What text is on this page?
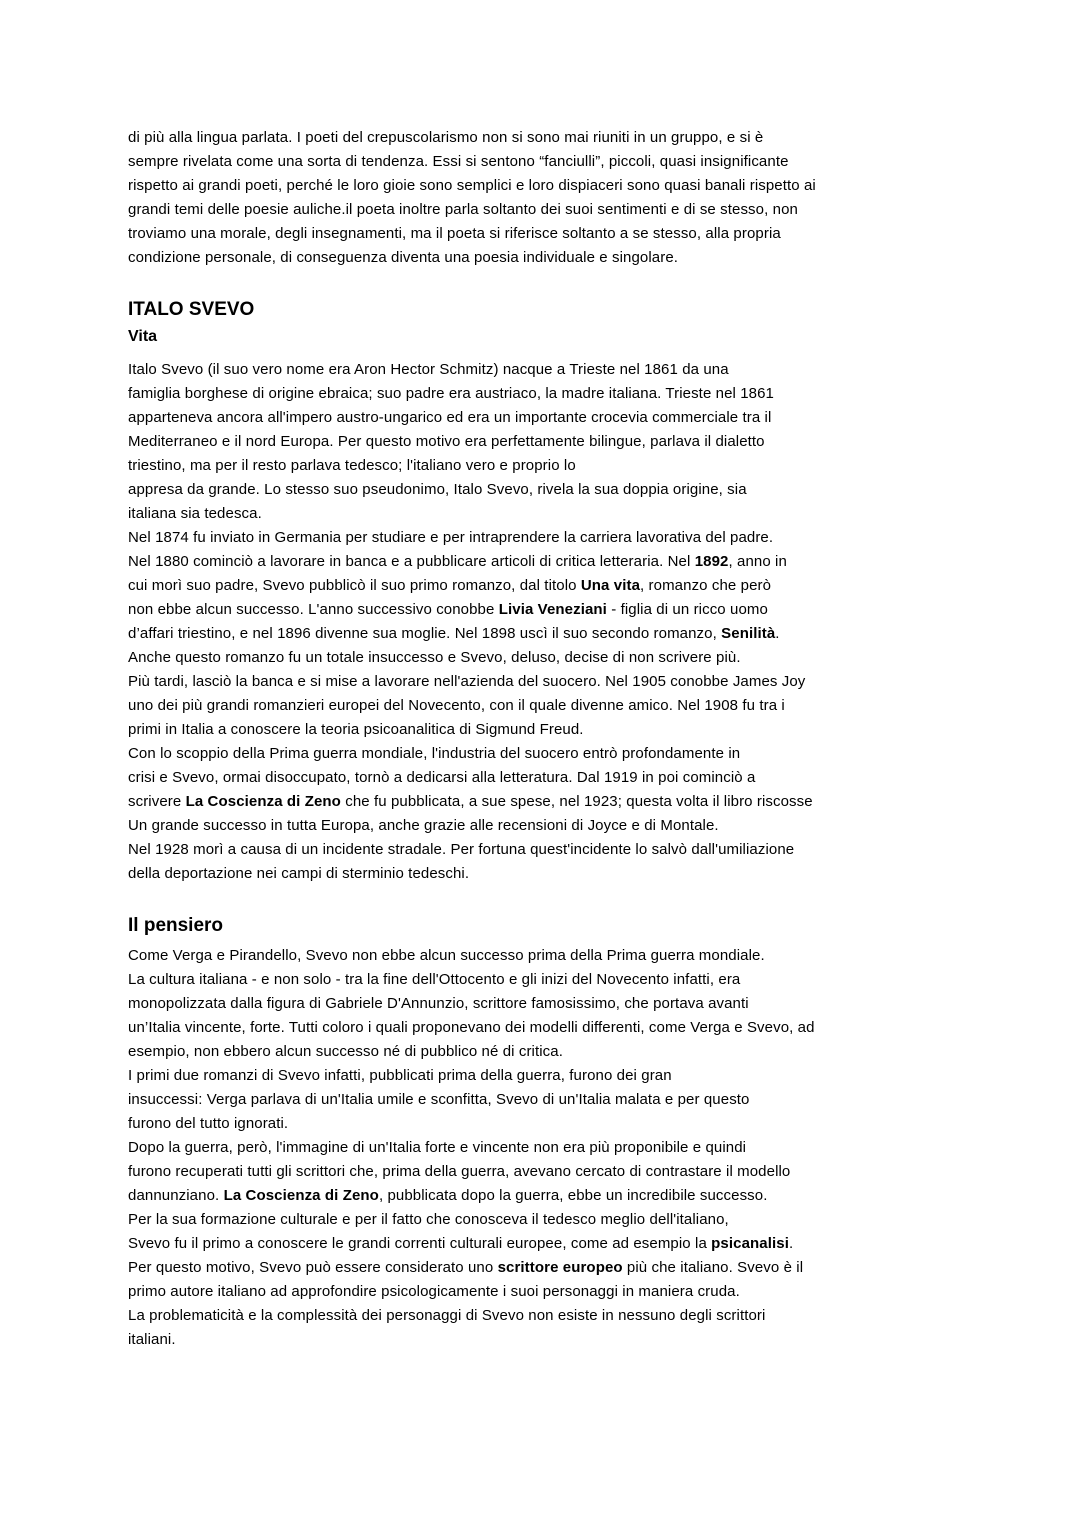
di più alla lingua parlata. I poeti del crepuscolarismo non si sono mai riuniti in un gruppo, e si è
sempre rivelata come una sorta di tendenza. Essi si sentono “fanciulli”, piccoli, quasi insignificante
rispetto ai grandi poeti, perché le loro gioie sono semplici e loro dispiaceri sono quasi banali rispetto ai
grandi temi delle poesie auliche.il poeta inoltre parla soltanto dei suoi sentimenti e di se stesso, non
troviamo una morale, degli insegnamenti, ma il poeta si riferisce soltanto a se stesso, alla propria
condizione personale, di conseguenza diventa una poesia individuale e singolare.
ITALO SVEVO
Vita
Italo Svevo (il suo vero nome era Aron Hector Schmitz) nacque a Trieste nel 1861 da una
famiglia borghese di origine ebraica; suo padre era austriaco, la madre italiana. Trieste nel 1861
apparteneva ancora all'impero austro-ungarico ed era un importante crocevia commerciale tra il
Mediterraneo e il nord Europa. Per questo motivo era perfettamente bilingue, parlava il dialetto
triestino, ma per il resto parlava tedesco; l'italiano vero e proprio lo
appresa da grande. Lo stesso suo pseudonimo, Italo Svevo, rivela la sua doppia origine, sia
italiana sia tedesca.
Nel 1874 fu inviato in Germania per studiare e per intraprendere la carriera lavorativa del padre.
Nel 1880 cominciò a lavorare in banca e a pubblicare articoli di critica letteraria. Nel 1892, anno in
cui morì suo padre, Svevo pubblicò il suo primo romanzo, dal titolo Una vita, romanzo che però
non ebbe alcun successo. L'anno successivo conobbe Livia Veneziani - figlia di un ricco uomo
d’affari triestino, e nel 1896 divenne sua moglie. Nel 1898 uscì il suo secondo romanzo, Senilità.
Anche questo romanzo fu un totale insuccesso e Svevo, deluso, decise di non scrivere più.
Più tardi, lasciò la banca e si mise a lavorare nell'azienda del suocero. Nel 1905 conobbe James Joy
uno dei più grandi romanzieri europei del Novecento, con il quale divenne amico. Nel 1908 fu tra i
primi in Italia a conoscere la teoria psicoanalitica di Sigmund Freud.
Con lo scoppio della Prima guerra mondiale, l'industria del suocero entrò profondamente in
crisi e Svevo, ormai disoccupato, tornò a dedicarsi alla letteratura. Dal 1919 in poi cominciò a
scrivere La Coscienza di Zeno che fu pubblicata, a sue spese, nel 1923; questa volta il libro riscosse
Un grande successo in tutta Europa, anche grazie alle recensioni di Joyce e di Montale.
Nel 1928 morì a causa di un incidente stradale. Per fortuna quest'incidente lo salvò dall'umiliazione
della deportazione nei campi di sterminio tedeschi.
Il pensiero
Come Verga e Pirandello, Svevo non ebbe alcun successo prima della Prima guerra mondiale.
La cultura italiana - e non solo - tra la fine dell'Ottocento e gli inizi del Novecento infatti, era
monopolizzata dalla figura di Gabriele D'Annunzio, scrittore famosissimo, che portava avanti
un’Italia vincente, forte. Tutti coloro i quali proponevano dei modelli differenti, come Verga e Svevo, ad
esempio, non ebbero alcun successo né di pubblico né di critica.
I primi due romanzi di Svevo infatti, pubblicati prima della guerra, furono dei gran
insuccessi: Verga parlava di un'Italia umile e sconfitta, Svevo di un'Italia malata e per questo
furono del tutto ignorati.
Dopo la guerra, però, l'immagine di un'Italia forte e vincente non era più proponibile e quindi
furono recuperati tutti gli scrittori che, prima della guerra, avevano cercato di contrastare il modello
dannunziano. La Coscienza di Zeno, pubblicata dopo la guerra, ebbe un incredibile successo.
Per la sua formazione culturale e per il fatto che conosceva il tedesco meglio dell'italiano,
Svevo fu il primo a conoscere le grandi correnti culturali europee, come ad esempio la psicanalisi.
Per questo motivo, Svevo può essere considerato uno scrittore europeo più che italiano. Svevo è il
primo autore italiano ad approfondire psicologicamente i suoi personaggi in maniera cruda.
La problematicità e la complessità dei personaggi di Svevo non esiste in nessuno degli scrittori
italiani.
